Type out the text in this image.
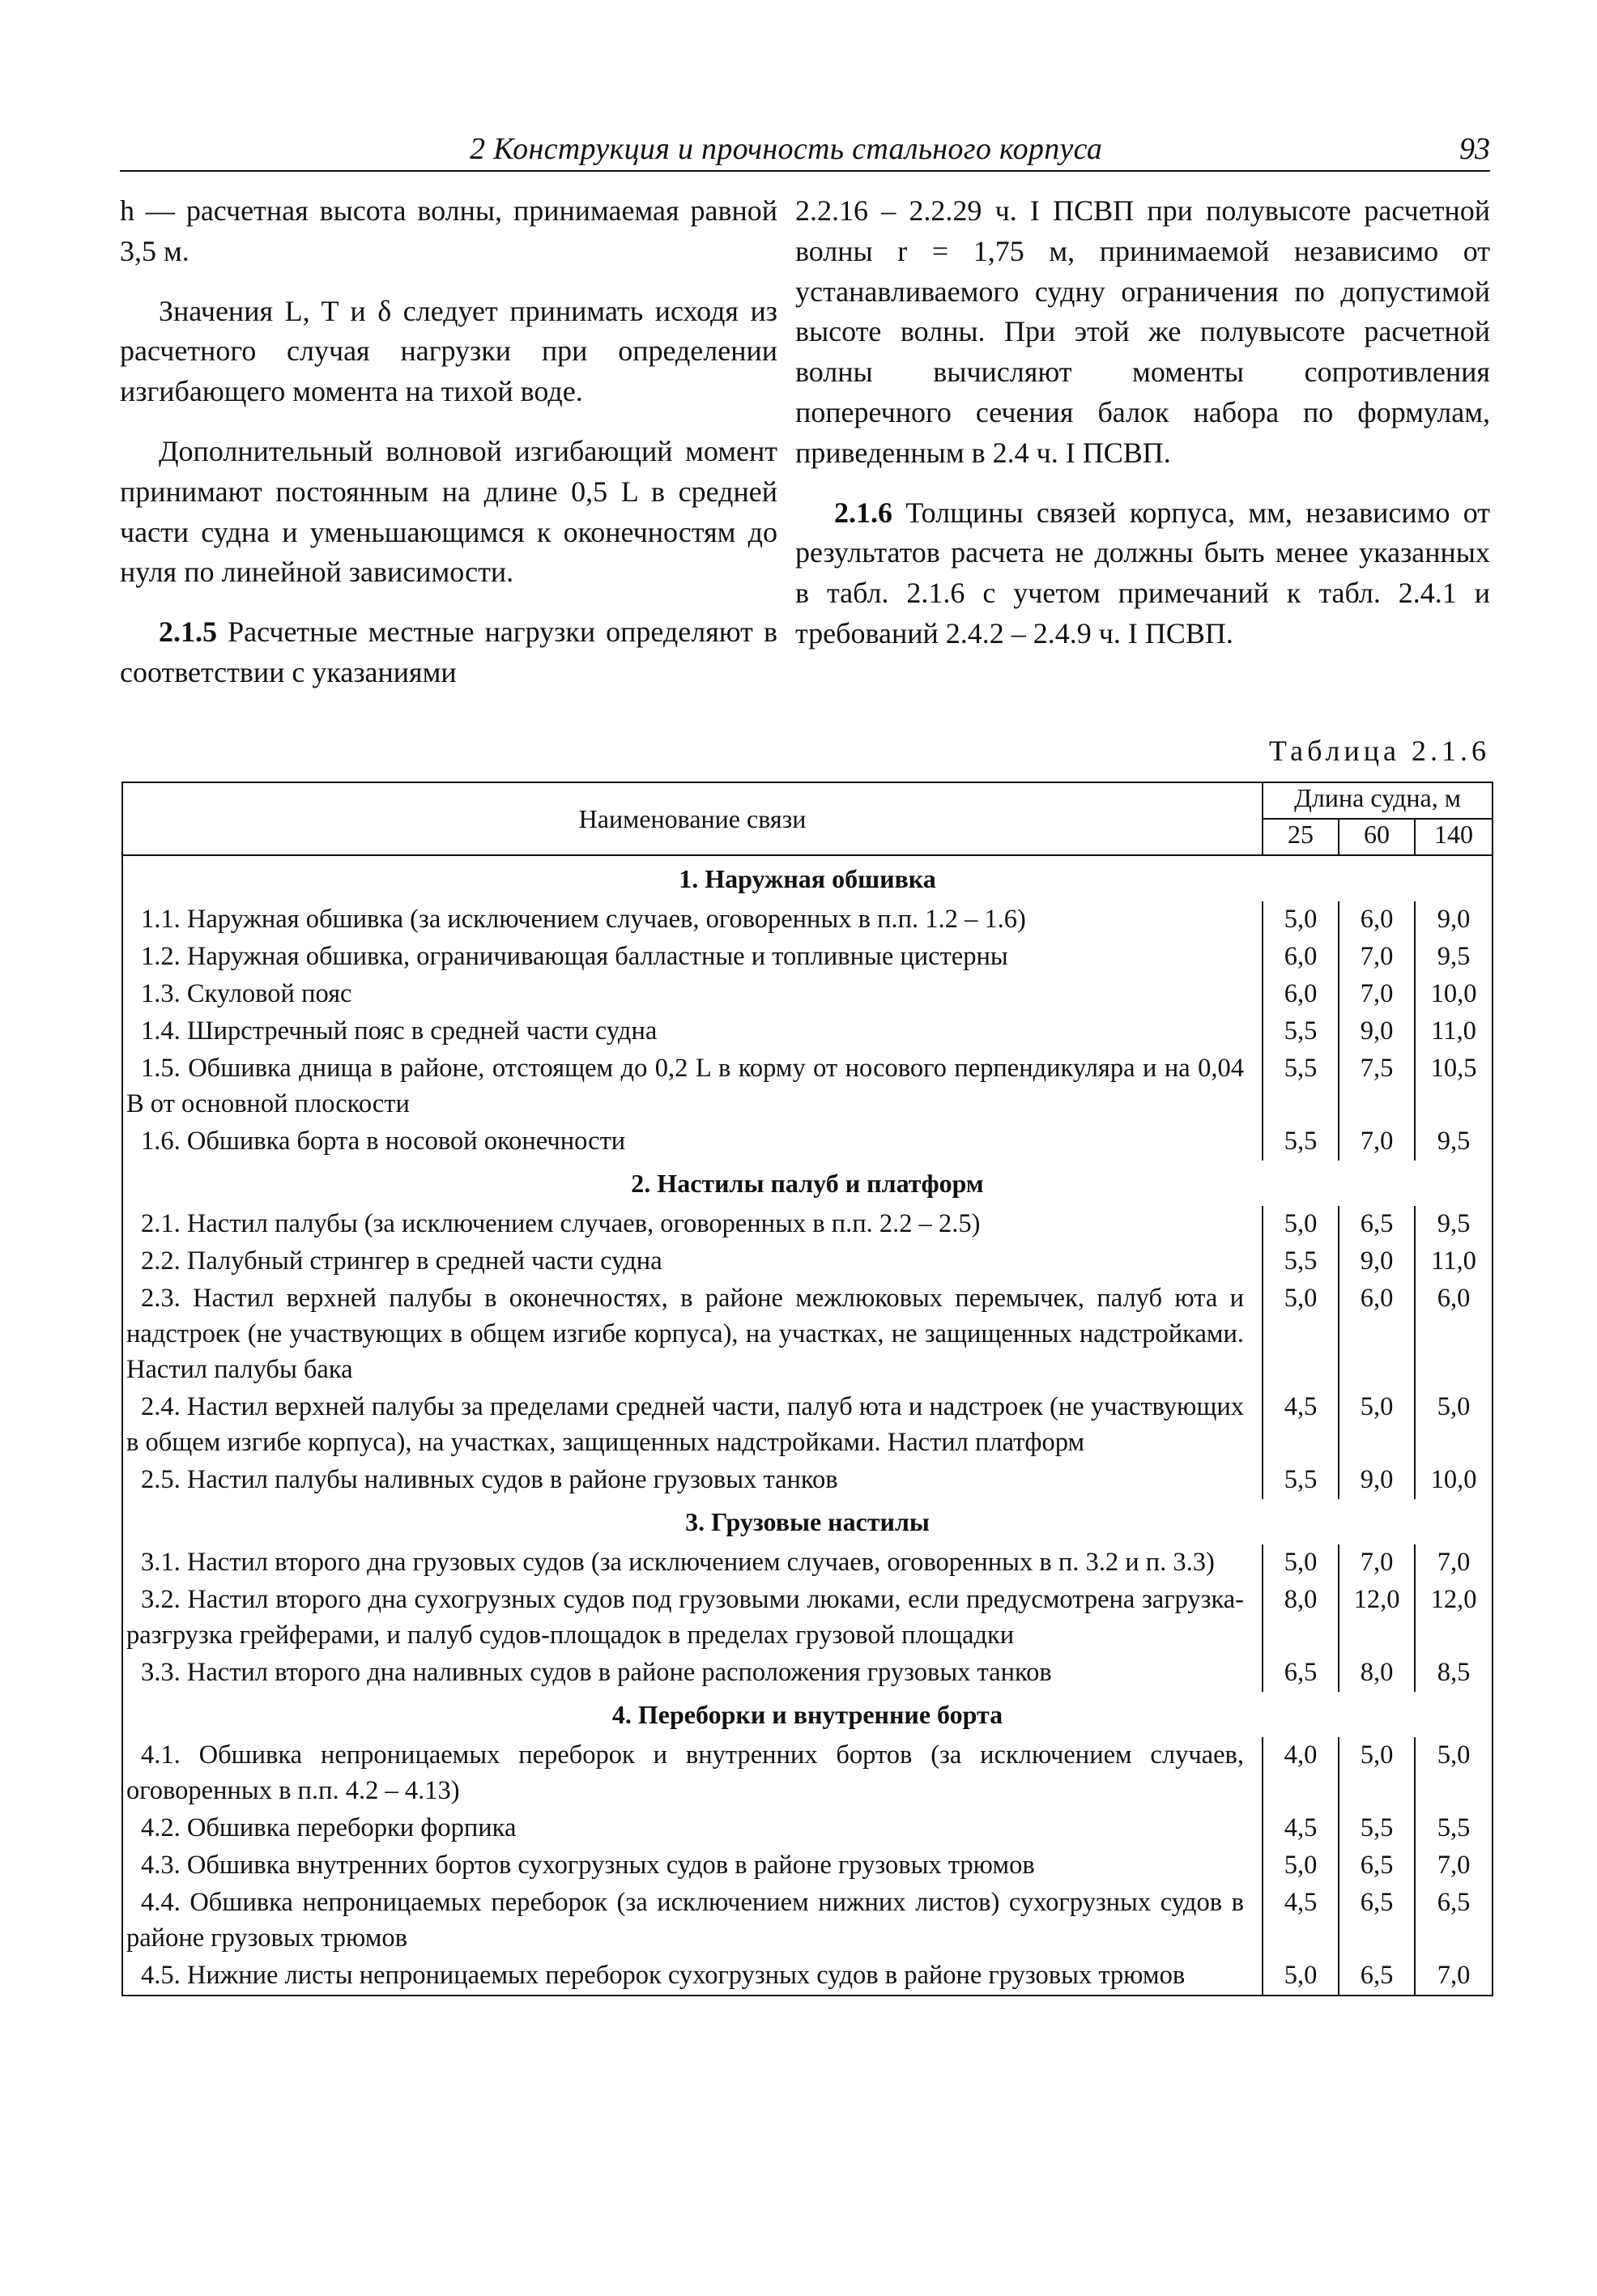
2 Конструкция и прочность стального корпуса	93

h — расчетная высота волны, принимаемая равной 3,5 м.

Значения L, T и δ следует принимать исходя из расчетного случая нагрузки при определении изгибающего момента на тихой воде.

Дополнительный волновой изгибающий момент принимают постоянным на длине 0,5 L в средней части судна и уменьшающимся к оконечностям до нуля по линейной зависимости.

2.1.5 Расчетные местные нагрузки определяют в соответствии с указаниями

2.2.16 – 2.2.29 ч. I ПСВП при полувысоте расчетной волны r = 1,75 м, принимаемой независимо от устанавливаемого судну ограничения по допустимой высоте волны. При этой же полувысоте расчетной волны вычисляют моменты сопротивления поперечного сечения балок набора по формулам, приведенным в 2.4 ч. I ПСВП.

2.1.6 Толщины связей корпуса, мм, независимо от результатов расчета не должны быть менее указанных в табл. 2.1.6 с учетом примечаний к табл. 2.4.1 и требований 2.4.2 – 2.4.9 ч. I ПСВП.

Таблица 2.1.6
Наименование связи	Длина судна, м		
	25	60	140
1. Наружная обшивка			
1.1. Наружная обшивка (за исключением случаев, оговоренных в п.п. 1.2 – 1.6)	5,0	6,0	9,0
1.2. Наружная обшивка, ограничивающая балластные и топливные цистерны	6,0	7,0	9,5
1.3. Скуловой пояс	6,0	7,0	10,0
1.4. Ширстречный пояс в средней части судна	5,5	9,0	11,0
1.5. Обшивка днища в районе, отстоящем до 0,2 L в корму от носового перпендикуляра и на 0,04 B от основной плоскости	5,5	7,5	10,5
1.6. Обшивка борта в носовой оконечности	5,5	7,0	9,5
2. Настилы палуб и платформ			
2.1. Настил палубы (за исключением случаев, оговоренных в п.п. 2.2 – 2.5)	5,0	6,5	9,5
2.2. Палубный стрингер в средней части судна	5,5	9,0	11,0
2.3. Настил верхней палубы в оконечностях, в районе межлюковых перемычек, палуб юта и надстроек (не участвующих в общем изгибе корпуса), на участках, не защищенных надстройками. Настил палубы бака	5,0	6,0	6,0
2.4. Настил верхней палубы за пределами средней части, палуб юта и надстроек (не участвующих в общем изгибе корпуса), на участках, защищенных надстройками. Настил платформ	4,5	5,0	5,0
2.5. Настил палубы наливных судов в районе грузовых танков	5,5	9,0	10,0
3. Грузовые настилы			
3.1. Настил второго дна грузовых судов (за исключением случаев, оговоренных в п. 3.2 и п. 3.3)	5,0	7,0	7,0
3.2. Настил второго дна сухогрузных судов под грузовыми люками, если предусмотрена загрузка-разгрузка грейферами, и палуб судов-площадок в пределах грузовой площадки	8,0	12,0	12,0
3.3. Настил второго дна наливных судов в районе расположения грузовых танков	6,5	8,0	8,5
4. Переборки и внутренние борта			
4.1. Обшивка непроницаемых переборок и внутренних бортов (за исключением случаев, оговоренных в п.п. 4.2 – 4.13)	4,0	5,0	5,0
4.2. Обшивка переборки форпика	4,5	5,5	5,5
4.3. Обшивка внутренних бортов сухогрузных судов в районе грузовых трюмов	5,0	6,5	7,0
4.4. Обшивка непроницаемых переборок (за исключением нижних листов) сухогрузных судов в районе грузовых трюмов	4,5	6,5	6,5
4.5. Нижние листы непроницаемых переборок сухогрузных судов в районе грузовых трюмов	5,0	6,5	7,0
